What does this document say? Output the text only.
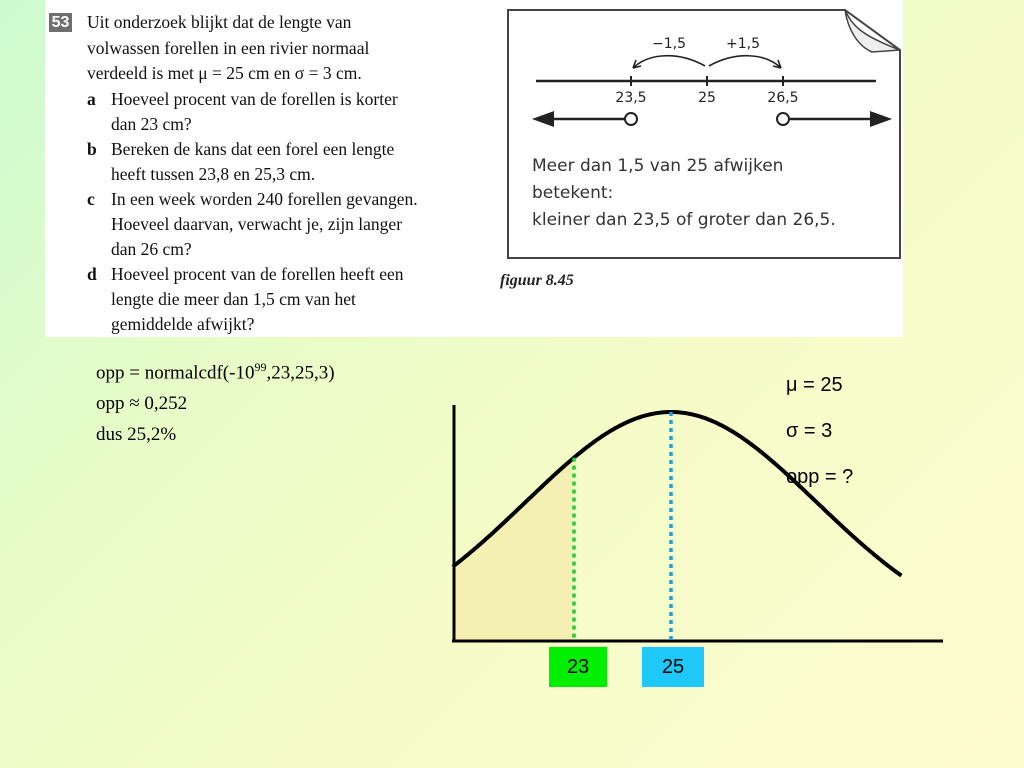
53 Uit onderzoek blijkt dat de lengte van
volwassen forellen in een rivier normaal
verdeeld is met μ = 25 cm en σ = 3 cm.
a Hoeveel procent van de forellen is korter
dan 23 cm?
b Bereken de kans dat een forel een lengte
heeft tussen 23,8 en 25,3 cm.
c In een week worden 240 forellen gevangen.
Hoeveel daarvan, verwacht je, zijn langer
dan 26 cm?
d Hoeveel procent van de forellen heeft een
lengte die meer dan 1,5 cm van het
gemiddelde afwijkt?
23,5	25	26,5
−1,5	+1,5
Meer dan 1,5 van 25 afwijken
betekent:
kleiner dan 23,5 of groter dan 26,5.
figuur 8.45
opp = $normalcdf(-10^{99},23,25,3)$
opp ≈ 0,252
dus 25,2%
μ = 25
σ = 3
opp = ?
23	25
